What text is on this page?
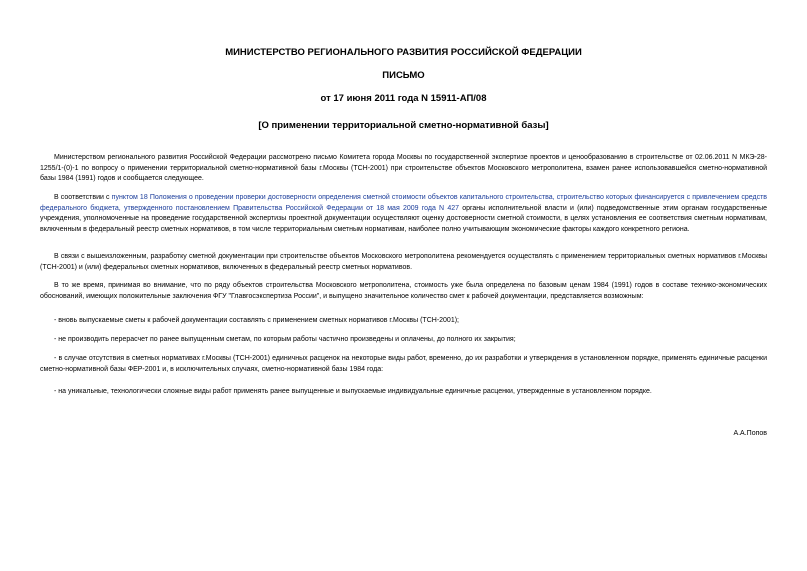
МИНИСТЕРСТВО РЕГИОНАЛЬНОГО РАЗВИТИЯ РОССИЙСКОЙ ФЕДЕРАЦИИ
ПИСЬМО
от 17 июня 2011 года N 15911-АП/08
[О применении территориальной сметно-нормативной базы]
Министерством регионального развития Российской Федерации рассмотрено письмо Комитета города Москвы по государственной экспертизе проектов и ценообразованию в строительстве от 02.06.2011 N МКЭ-28-1255/1-(0)-1 по вопросу о применении территориальной сметно-нормативной базы г.Москвы (ТСН-2001) при строительстве объектов Московского метрополитена, взамен ранее использовавшейся сметно-нормативной базы 1984 (1991) годов и сообщается следующее.
В соответствии с пунктом 18 Положения о проведении проверки достоверности определения сметной стоимости объектов капитального строительства, строительство которых финансируется с привлечением средств федерального бюджета, утвержденного постановлением Правительства Российской Федерации от 18 мая 2009 года N 427 органы исполнительной власти и (или) подведомственные этим органам государственные учреждения, уполномоченные на проведение государственной экспертизы проектной документации осуществляют оценку достоверности сметной стоимости, в целях установления ее соответствия сметным нормативам, включенным в федеральный реестр сметных нормативов, в том числе территориальным сметным нормативам, наиболее полно учитывающим экономические факторы каждого конкретного региона.
В связи с вышеизложенным, разработку сметной документации при строительстве объектов Московского метрополитена рекомендуется осуществлять с применением территориальных сметных нормативов г.Москвы (ТСН-2001) и (или) федеральных сметных нормативов, включенных в федеральный реестр сметных нормативов.
В то же время, принимая во внимание, что по ряду объектов строительства Московского метрополитена, стоимость уже была определена по базовым ценам 1984 (1991) годов в составе технико-экономических обоснований, имеющих положительные заключения ФГУ "Главгосэкспертиза России", и выпущено значительное количество смет к рабочей документации, представляется возможным:
- вновь выпускаемые сметы к рабочей документации составлять с применением сметных нормативов г.Москвы (ТСН-2001);
- не производить перерасчет по ранее выпущенным сметам, по которым работы частично произведены и оплачены, до полного их закрытия;
- в случае отсутствия в сметных нормативах г.Москвы (ТСН-2001) единичных расценок на некоторые виды работ, временно, до их разработки и утверждения в установленном порядке, применять единичные расценки сметно-нормативной базы ФЕР-2001 и, в исключительных случаях, сметно-нормативной базы 1984 года:
- на уникальные, технологически сложные виды работ применять ранее выпущенные и выпускаемые индивидуальные единичные расценки, утвержденные в установленном порядке.
А.А.Попов
